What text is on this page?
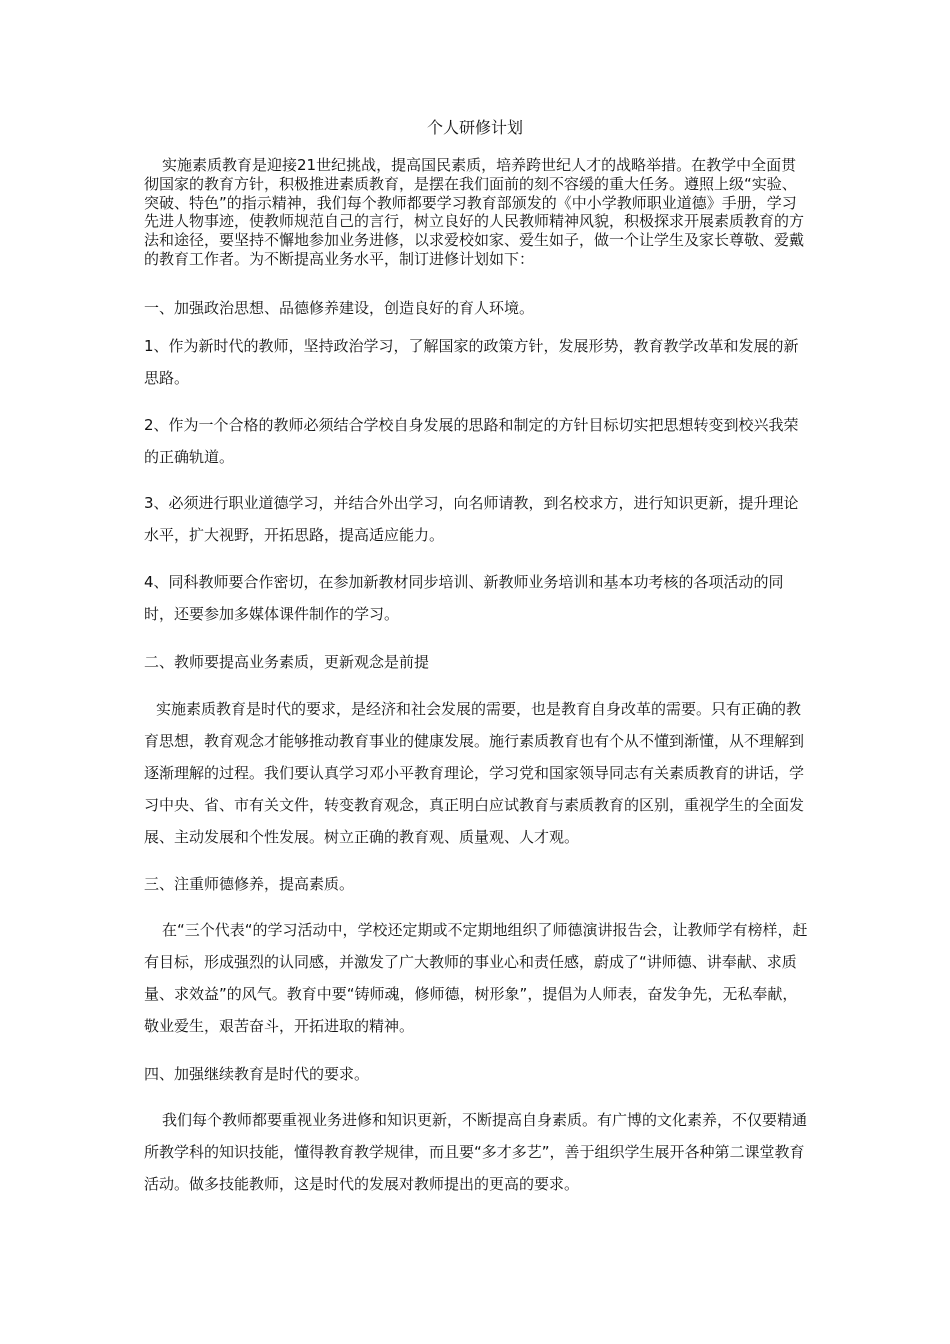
个人研修计划
实施素质教育是迎接21世纪挑战，提高国民素质，培养跨世纪人才的战略举措。在教学中全面贯彻国家的教育方针，积极推进素质教育，是摆在我们面前的刻不容缓的重大任务。遵照上级“实验、突破、特色”的指示精神，我们每个教师都要学习教育部颁发的《中小学教师职业道德》手册，学习先进人物事迹，使教师规范自己的言行，树立良好的人民教师精神风貌，积极探求开展素质教育的方法和途径，要坚持不懈地参加业务进修，以求爱校如家、爱生如子，做一个让学生及家长尊敬、爱戴的教育工作者。为不断提高业务水平，制订进修计划如下：
一、加强政治思想、品德修养建设，创造良好的育人环境。
1、作为新时代的教师，坚持政治学习，了解国家的政策方针，发展形势，教育教学改革和发展的新思路。
2、作为一个合格的教师必须结合学校自身发展的思路和制定的方针目标切实把思想转变到校兴我荣的正确轨道。
3、必须进行职业道德学习，并结合外出学习，向名师请教，到名校求方，进行知识更新，提升理论水平，扩大视野，开拓思路，提高适应能力。
4、同科教师要合作密切，在参加新教材同步培训、新教师业务培训和基本功考核的各项活动的同时，还要参加多媒体课件制作的学习。
二、教师要提高业务素质，更新观念是前提
实施素质教育是时代的要求，是经济和社会发展的需要，也是教育自身改革的需要。只有正确的教育思想，教育观念才能够推动教育事业的健康发展。施行素质教育也有个从不懂到渐懂，从不理解到逐渐理解的过程。我们要认真学习邓小平教育理论，学习党和国家领导同志有关素质教育的讲话，学习中央、省、市有关文件，转变教育观念，真正明白应试教育与素质教育的区别，重视学生的全面发展、主动发展和个性发展。树立正确的教育观、质量观、人才观。
三、注重师德修养，提高素质。
在“三个代表“的学习活动中，学校还定期或不定期地组织了师德演讲报告会，让教师学有榜样，赶有目标，形成强烈的认同感，并激发了广大教师的事业心和责任感，蔚成了“讲师德、讲奉献、求质量、求效益”的风气。教育中要“铸师魂，修师德，树形象”，提倡为人师表，奋发争先，无私奉献，敬业爱生，艰苦奋斗，开拓进取的精神。
四、加强继续教育是时代的要求。
我们每个教师都要重视业务进修和知识更新，不断提高自身素质。有广博的文化素养，不仅要精通所教学科的知识技能，懂得教育教学规律，而且要“多才多艺”，善于组织学生展开各种第二课堂教育活动。做多技能教师，这是时代的发展对教师提出的更高的要求。
